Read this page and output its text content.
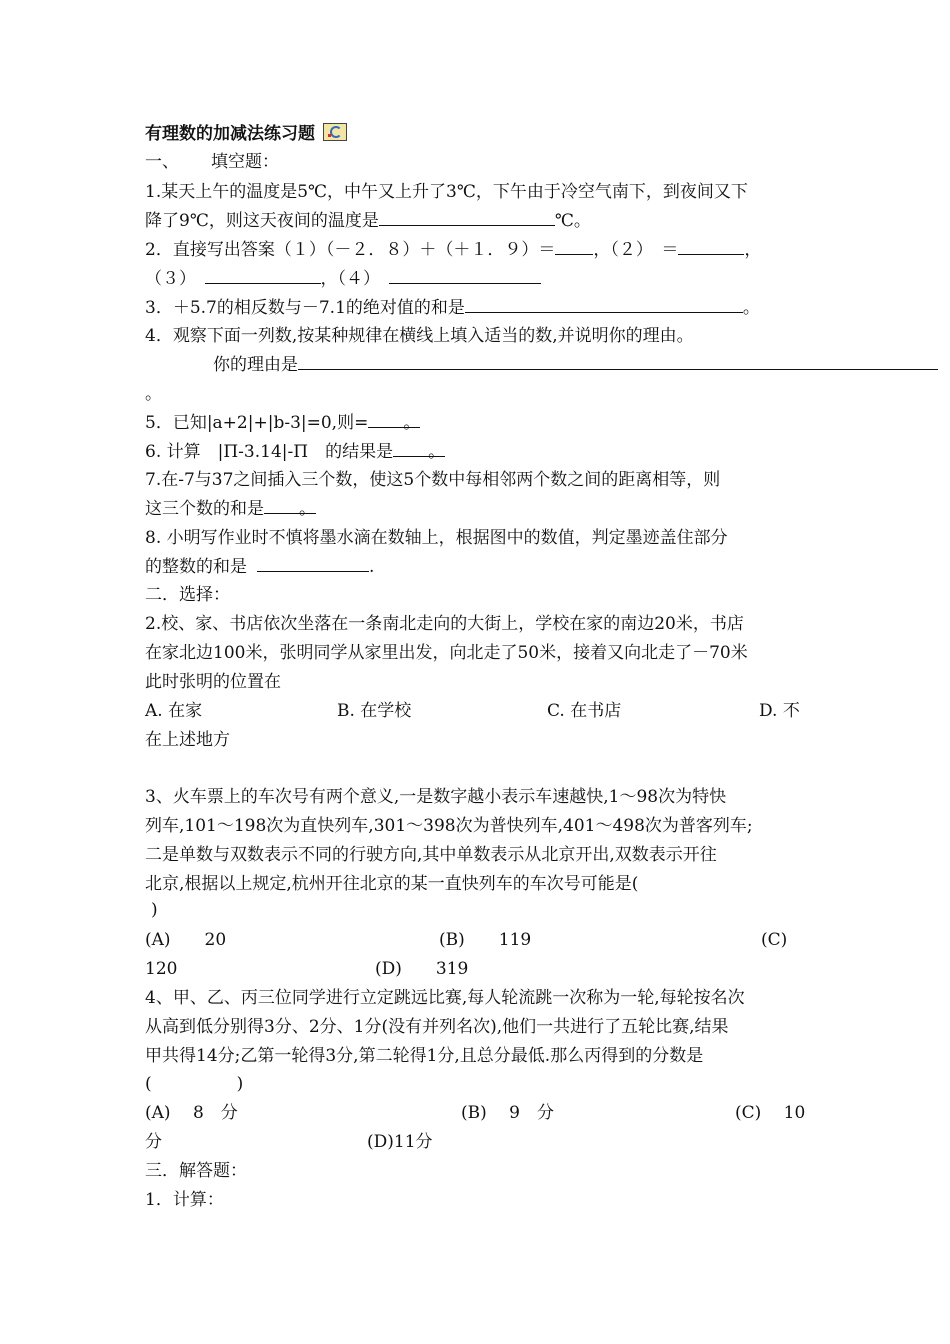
有理数的加减法练习题
一、 填空题：
1.某天上午的温度是5℃，中午又上升了3℃，下午由于冷空气南下，到夜间又下
降了9℃，则这天夜间的温度是	℃。
2．直接写出答案（１）（－２．８）＋（＋１．９）＝ ，（２）　＝	，
（３）　	，（４）　
3．＋5.7的相反数与－7.1的绝对值的和是	。
4．观察下面一列数,按某种规律在横线上填入适当的数,并说明你的理由。
你的理由是
。
5．已知|a+2|+|b-3|=0,则= 。
6. 计算　|Π-3.14|-Π　的结果是 。
7.在-7与37之间插入三个数，使这5个数中每相邻两个数之间的距离相等，则
这三个数的和是 。
8. 小明写作业时不慎将墨水滴在数轴上，根据图中的数值，判定墨迹盖住部分
的整数的和是	.
二．选择：
2.校、家、书店依次坐落在一条南北走向的大街上，学校在家的南边20米，书店
在家北边100米，张明同学从家里出发，向北走了50米，接着又向北走了－70米
此时张明的位置在
A. 在家	B. 在学校	C. 在书店	D. 不
在上述地方
3、火车票上的车次号有两个意义,一是数字越小表示车速越快,1～98次为特快
列车,101～198次为直快列车,301～398次为普快列车,401～498次为普客列车;
二是单数与双数表示不同的行驶方向,其中单数表示从北京开出,双数表示开往
北京,根据以上规定,杭州开往北京的某一直快列车的车次号可能是(
)
(A)　　20	(B)　　119	(C)
120	(D)　　319
4、甲、乙、丙三位同学进行立定跳远比赛,每人轮流跳一次称为一轮,每轮按名次
从高到低分别得3分、2分、1分(没有并列名次),他们一共进行了五轮比赛,结果
甲共得14分;乙第一轮得3分,第二轮得1分,且总分最低.那么丙得到的分数是
(　　　　　)
(A)　 8　分	(B)　 9　分	(C)　 10
分	(D)11分
三．解答题：
1．计算：
